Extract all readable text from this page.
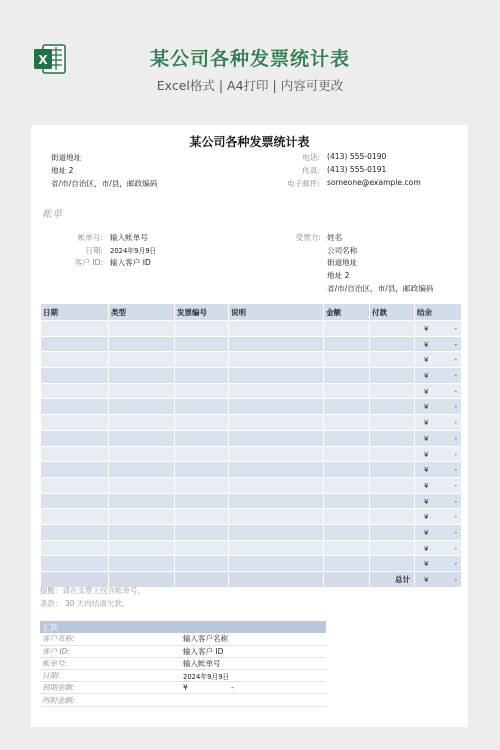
X	某公司各种发票统计表
Excel格式 | A4打印 | 内容可更改
某公司各种发票统计表
街道地址
地址 2
省/市/自治区，市/县，邮政编码
电话: (413) 555-0190
传真: (413) 555-0191
电子邮件: someone@example.com
帐单
帐单号: 输入帐单号
日期: 2024年9月9日
客户 ID: 输入客户 ID
受票方: 姓名
公司名称
街道地址
地址 2
省/市/自治区，市/县，邮政编码
日期	类型	发票编号	说明	金额	付款	结余

						¥ -

						¥ -

						¥ -

						¥ -

						¥ -

						¥ -

						¥ -

						¥ -

						¥ -

						¥ -

						¥ -

						¥ -

						¥ -

						¥ -

						¥ -

						¥ -

					总计	¥ -
提醒：请在支票上包含帐单号。
条款： 30 天内结清欠款。
汇款	
客户名称:	输入客户名称
客户 ID:	输入客户 ID
帐单号:	输入帐单号
日期:	2024年9月9日
到期金额:	¥ -
所附金额:	
